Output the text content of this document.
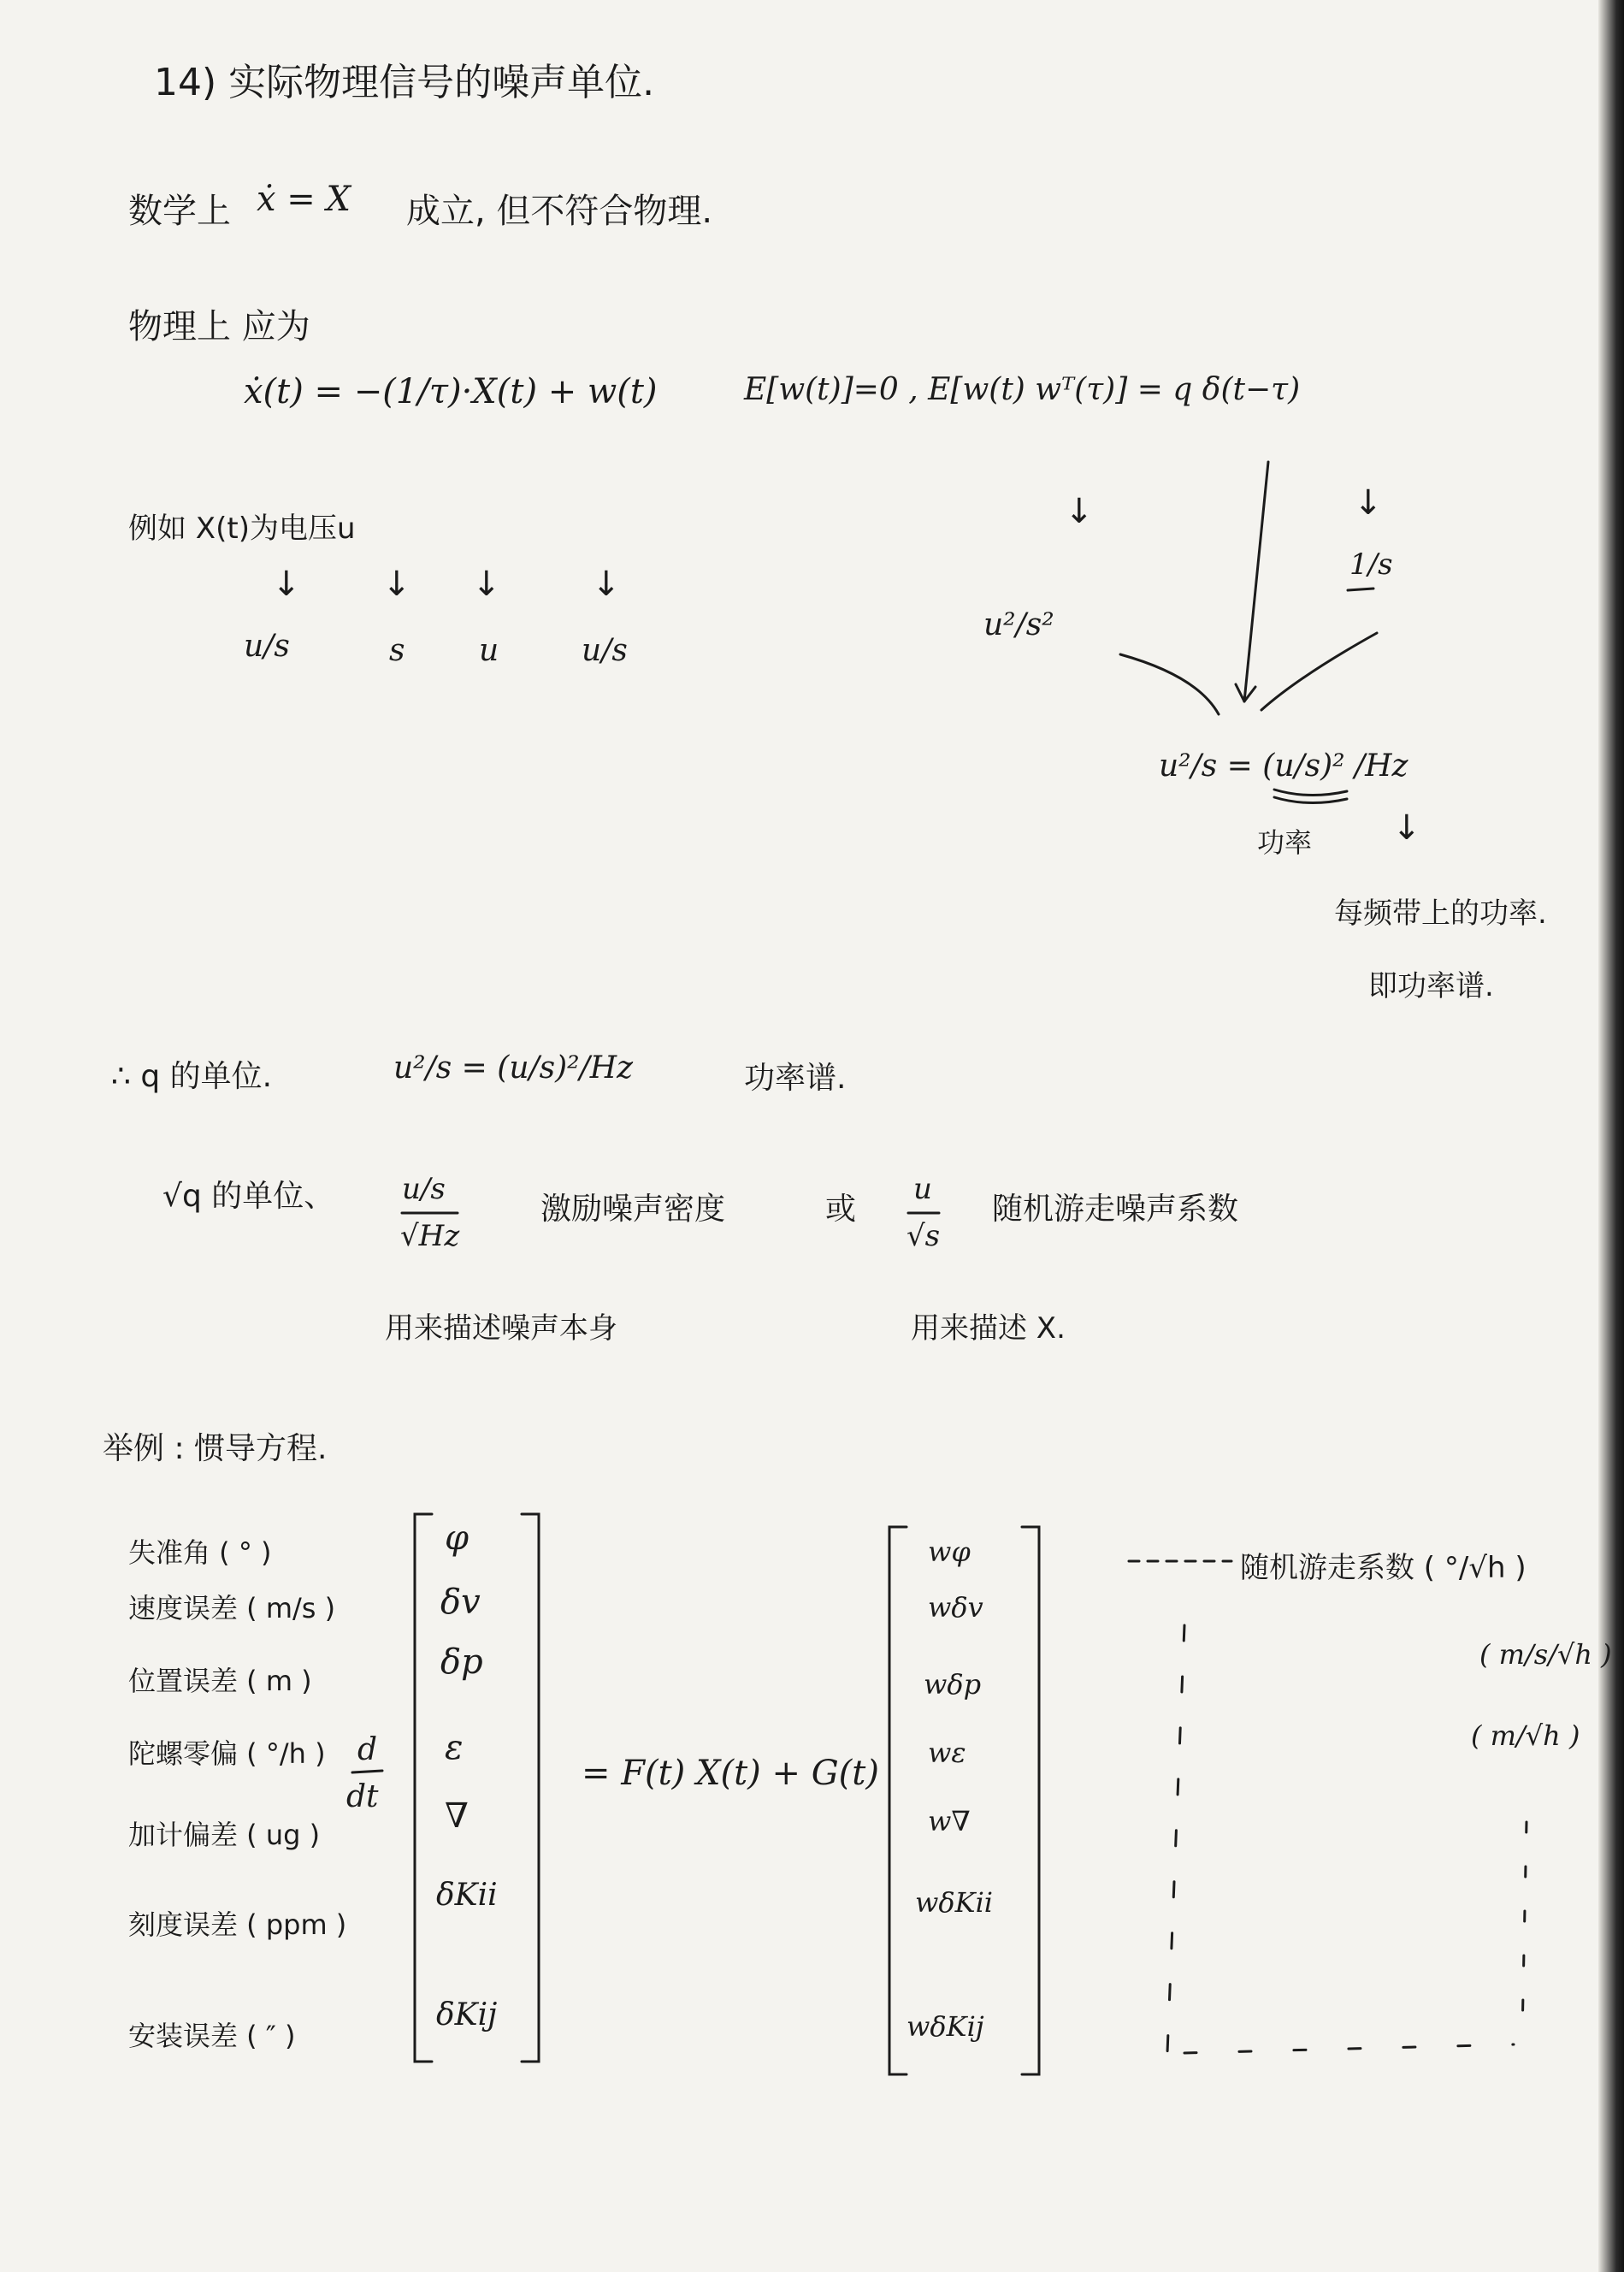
14) 实际物理信号的噪声单位.
数学上 ẋ = X 成立, 但不符合物理.
物理上 应为
ẋ(t) = −(1/τ)·X(t) + w(t)	E[w(t)]=0 , E[w(t) wᵀ(τ)] = q δ(t−τ)
↓	↓
例如 X(t)为电压u
↓ ↓ ↓	↓
u/s	s u	u/s
u²/s²
1/s
u²/s = (u/s)² /Hz
功率 ↓
每频带上的功率.
即功率谱.
∴ q 的单位.	u²/s = (u/s)²/Hz	功率谱.
√q 的单位、 u/s
√Hz
激励噪声密度	或
u
√s
随机游走噪声系数
用来描述噪声本身	用来描述 X.
举例 : 惯导方程.
失准角 ( ° )
速度误差 ( m/s )
位置误差 ( m )
陀螺零偏 ( °/h )
加计偏差 ( ug )
刻度误差 ( ppm )
安装误差 ( ″ )
d
dt
φ
δv
δp
ε
∇
δKii
δKij
= F(t) X(t) + G(t)
wφ
wδv
wδp
wε
w∇
wδKii
wδKij
随机游走系数 ( °/√h )
( m/s/√h )
( m/√h )
